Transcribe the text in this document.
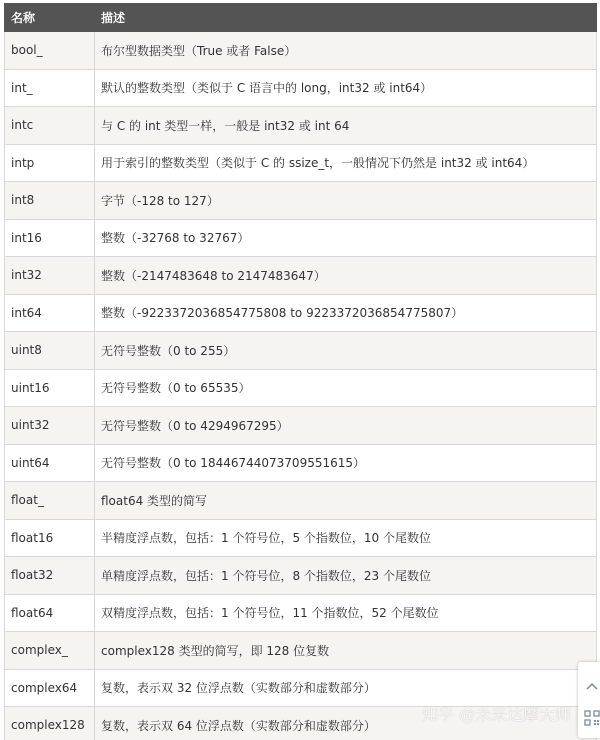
名称	描述
bool_	布尔型数据类型（True 或者 False）
int_	默认的整数类型（类似于 C 语言中的 long，int32 或 int64）
intc	与 C 的 int 类型一样，一般是 int32 或 int 64
intp	用于索引的整数类型（类似于 C 的 ssize_t，一般情况下仍然是 int32 或 int64）
int8	字节（-128 to 127）
int16	整数（-32768 to 32767）
int32	整数（-2147483648 to 2147483647）
int64	整数（-9223372036854775808 to 9223372036854775807）
uint8	无符号整数（0 to 255）
uint16	无符号整数（0 to 65535）
uint32	无符号整数（0 to 4294967295）
uint64	无符号整数（0 to 18446744073709551615）
float_	float64 类型的简写
float16	半精度浮点数，包括：1 个符号位，5 个指数位，10 个尾数位
float32	单精度浮点数，包括：1 个符号位，8 个指数位，23 个尾数位
float64	双精度浮点数，包括：1 个符号位，11 个指数位，52 个尾数位
complex_	complex128 类型的简写，即 128 位复数
complex64	复数，表示双 32 位浮点数（实数部分和虚数部分）
complex128	复数，表示双 64 位浮点数（实数部分和虚数部分）
知乎 @未来达摩大师
